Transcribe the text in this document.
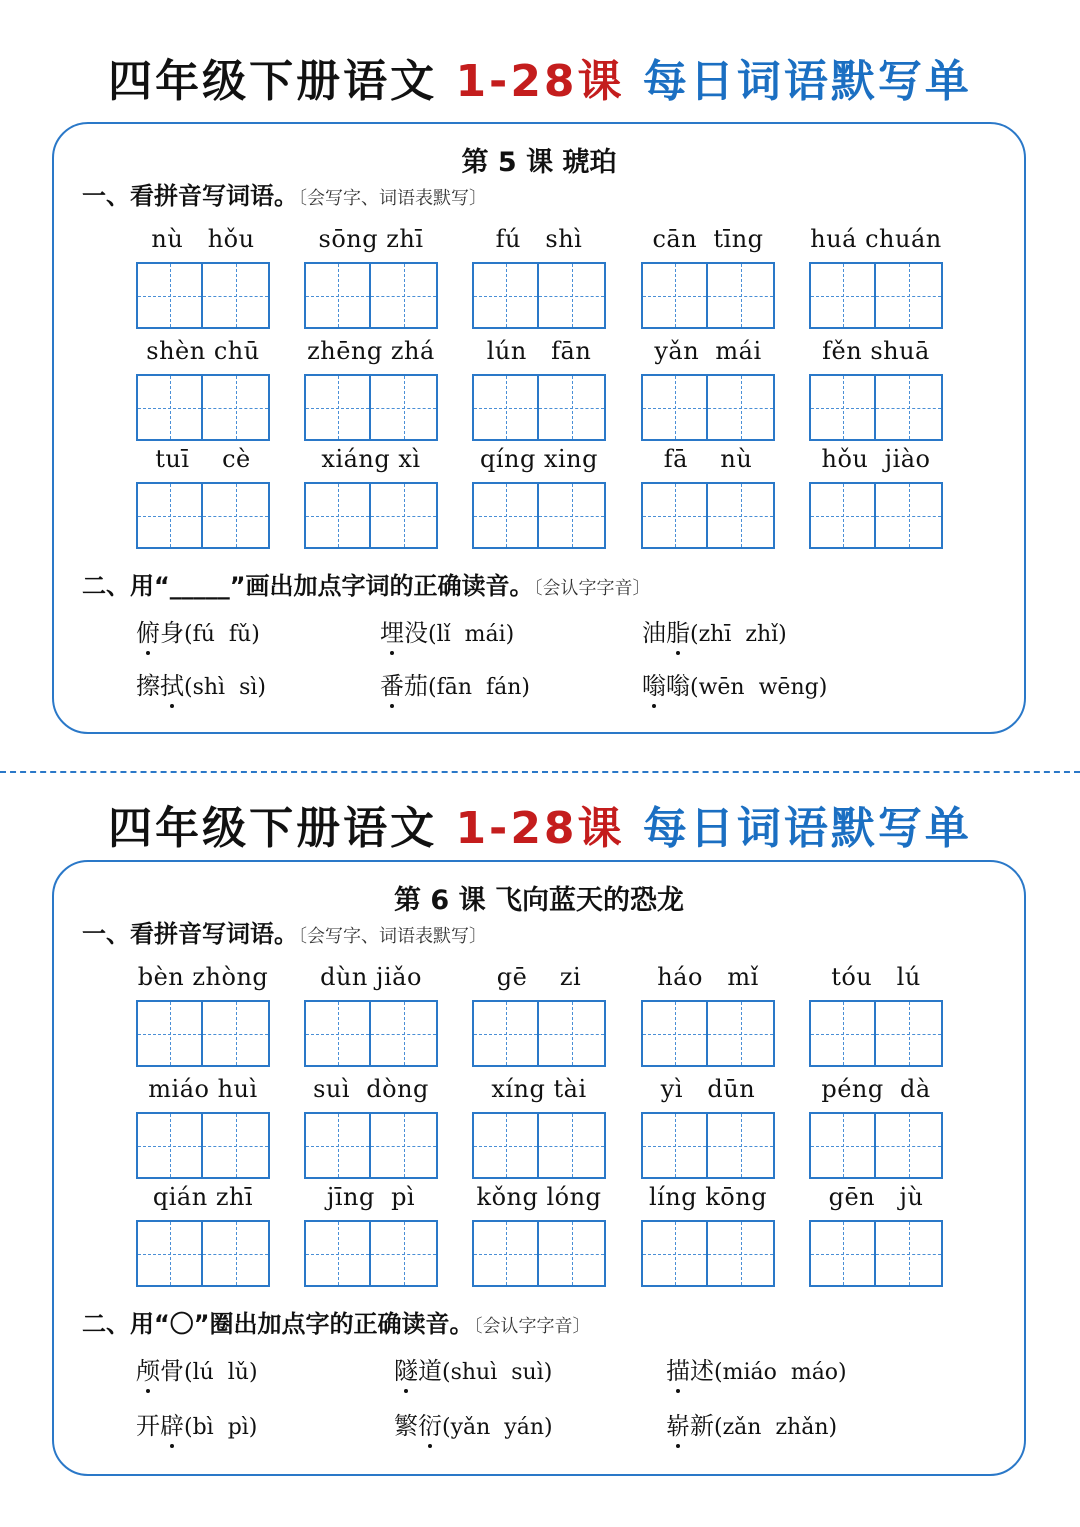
四年级下册语文 1-28课 每日词语默写单
第 5 课 琥珀
一、看拼音写词语。〔会写字、词语表默写〕
nù   hǒu	sōng zhī	fú   shì	cān  tīng	huá chuán
shèn chū	zhēng zhá	lún   fān	yǎn  mái	fěn shuā
tuī    cè	xiáng xì	qíng xing	fā    nù	hǒu  jiào
二、用“_____”画出加点字词的正确读音。〔会认字字音〕
俯身(fú  fǔ)	埋没(lǐ  mái)	油脂(zhī  zhǐ)
擦拭(shì  sì)	番茄(fān  fán)	嗡嗡(wēn  wēng)
四年级下册语文 1-28课 每日词语默写单
第 6 课 飞向蓝天的恐龙
一、看拼音写词语。〔会写字、词语表默写〕
bèn zhòng	dùn jiǎo	gē    zi	háo   mǐ	tóu   lú
miáo huì	suì  dòng	xíng tài	yì   dūn	péng  dà
qián zhī	jīng  pì	kǒng lóng	líng kōng	gēn   jù
二、用“〇”圈出加点字的正确读音。〔会认字字音〕
颅骨(lú  lǔ)	隧道(shuì  suì)	描述(miáo  máo)
开辟(bì  pì)	繁衍(yǎn  yán)	崭新(zǎn  zhǎn)
